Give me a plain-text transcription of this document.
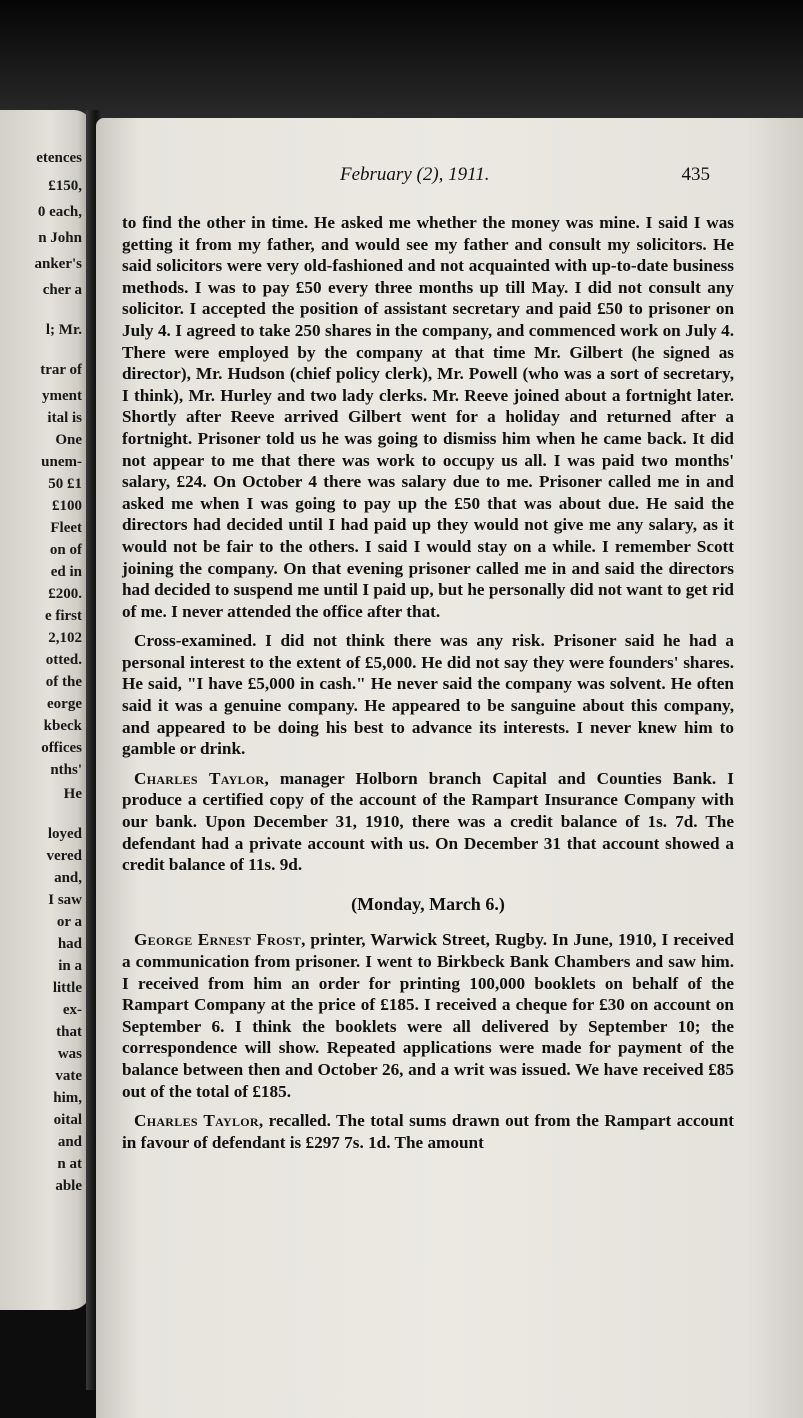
etences
£150,
0 each,
n John
anker's
cher a
l; Mr.
trar of
yment
ital is
One
unem-
50 £1
£100
Fleet
on of
ed in
£200.
e first
2,102
otted.
of the
eorge
kbeck
offices
nths'
He
loyed
vered
and,
I saw
or a
had
in a
little
ex-
that
was
vate
him,
oital
and
n at
able
February (2), 1911.	435

to find the other in time. He asked me whether the money was mine. I said I was getting it from my father, and would see my father and consult my solicitors. He said solicitors were very old-fashioned and not acquainted with up-to-date business methods. I was to pay £50 every three months up till May. I did not consult any solicitor. I accepted the position of assistant secretary and paid £50 to prisoner on July 4. I agreed to take 250 shares in the company, and commenced work on July 4. There were employed by the company at that time Mr. Gilbert (he signed as director), Mr. Hudson (chief policy clerk), Mr. Powell (who was a sort of secretary, I think), Mr. Hurley and two lady clerks. Mr. Reeve joined about a fortnight later. Shortly after Reeve arrived Gilbert went for a holiday and returned after a fortnight. Prisoner told us he was going to dismiss him when he came back. It did not appear to me that there was work to occupy us all. I was paid two months' salary, £24. On October 4 there was salary due to me. Prisoner called me in and asked me when I was going to pay up the £50 that was about due. He said the directors had decided until I had paid up they would not give me any salary, as it would not be fair to the others. I said I would stay on a while. I remember Scott joining the company. On that evening prisoner called me in and said the directors had decided to suspend me until I paid up, but he personally did not want to get rid of me. I never attended the office after that.

Cross-examined. I did not think there was any risk. Prisoner said he had a personal interest to the extent of £5,000. He did not say they were founders' shares. He said, "I have £5,000 in cash." He never said the company was solvent. He often said it was a genuine company. He appeared to be sanguine about this company, and appeared to be doing his best to advance its interests. I never knew him to gamble or drink.

Charles Taylor, manager Holborn branch Capital and Counties Bank. I produce a certified copy of the account of the Rampart Insurance Company with our bank. Upon December 31, 1910, there was a credit balance of 1s. 7d. The defendant had a private account with us. On December 31 that account showed a credit balance of 11s. 9d.

(Monday, March 6.)

George Ernest Frost, printer, Warwick Street, Rugby. In June, 1910, I received a communication from prisoner. I went to Birkbeck Bank Chambers and saw him. I received from him an order for printing 100,000 booklets on behalf of the Rampart Company at the price of £185. I received a cheque for £30 on account on September 6. I think the booklets were all delivered by September 10; the correspondence will show. Repeated applications were made for payment of the balance between then and October 26, and a writ was issued. We have received £85 out of the total of £185.

Charles Taylor, recalled. The total sums drawn out from the Rampart account in favour of defendant is £297 7s. 1d. The amount
